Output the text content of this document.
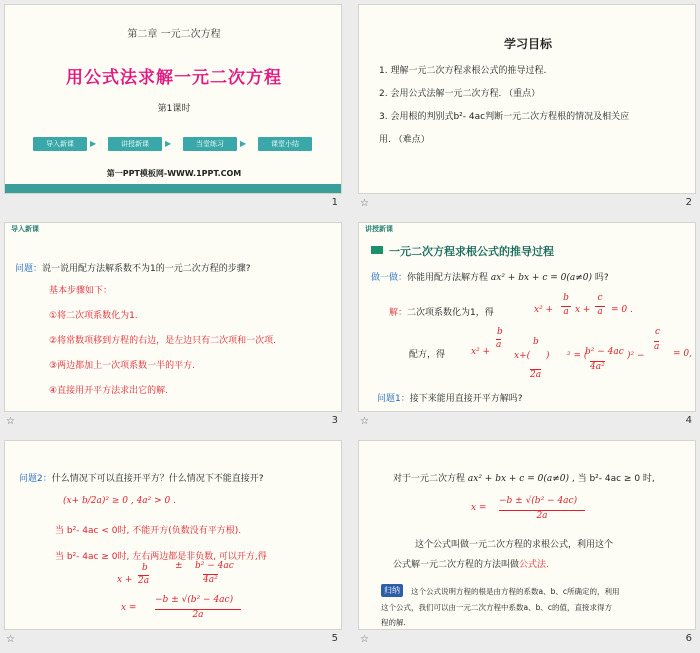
第二章 一元二次方程
用公式法求解一元二次方程
第1课时
导入新课	▶	讲授新课	▶	当堂练习	▶	课堂小结
第一PPT模板网-WWW.1PPT.COM
1
学习目标
1. 理解一元二次方程求根公式的推导过程.
2. 会用公式法解一元二次方程. （重点）
3. 会用根的判别式b²- 4ac判断一元二次方程根的情况及相关应
用. （难点）
☆	2
导入新课
问题：说一说用配方法解系数不为1的一元二次方程的步骤?
基本步骤如下：
①将二次项系数化为1.
②将常数项移到方程的右边，是左边只有二次项和一次项.
③两边都加上一次项系数一半的平方.
④直接用开平方法求出它的解.
☆	3
讲授新课
一元二次方程求根公式的推导过程
做一做：你能用配方法解方程 ax² + bx + c = 0(a≠0) 吗?
解：二次项系数化为1，得	x² +
b
a x +
c
a = 0 .
配方，得	x² +
b
a
x+(
b
2a
) ² = (
b² − 4ac
4a²
)² −
c
a
= 0,
问题1：接下来能用直接开平方解吗?
☆	4
问题2：什么情况下可以直接开平方？什么情况下不能直接开?
(x+ b/2a)² ≥ 0 , 4a² > 0 .
当 b²- 4ac < 0时, 不能开方(负数没有平方根).
当 b²- 4ac ≥ 0时, 左右两边都是非负数, 可以开方,得
x +
b
2a
± b² − 4ac
4a²
x =
−b ± √(b² − 4ac)
2a
☆	5
对于一元二次方程 ax² + bx + c = 0(a≠0) , 当 b²- 4ac ≥ 0 时,
x =
−b ± √(b² − 4ac)
2a
这个公式叫做一元二次方程的求根公式，利用这个
公式解一元二次方程的方法叫做公式法.
归纳	这个公式说明方程的根是由方程的系数a、b、c所确定的，利用
这个公式，我们可以由一元二次方程中系数a、b、c的值，直接求得方
程的解.
☆	6
